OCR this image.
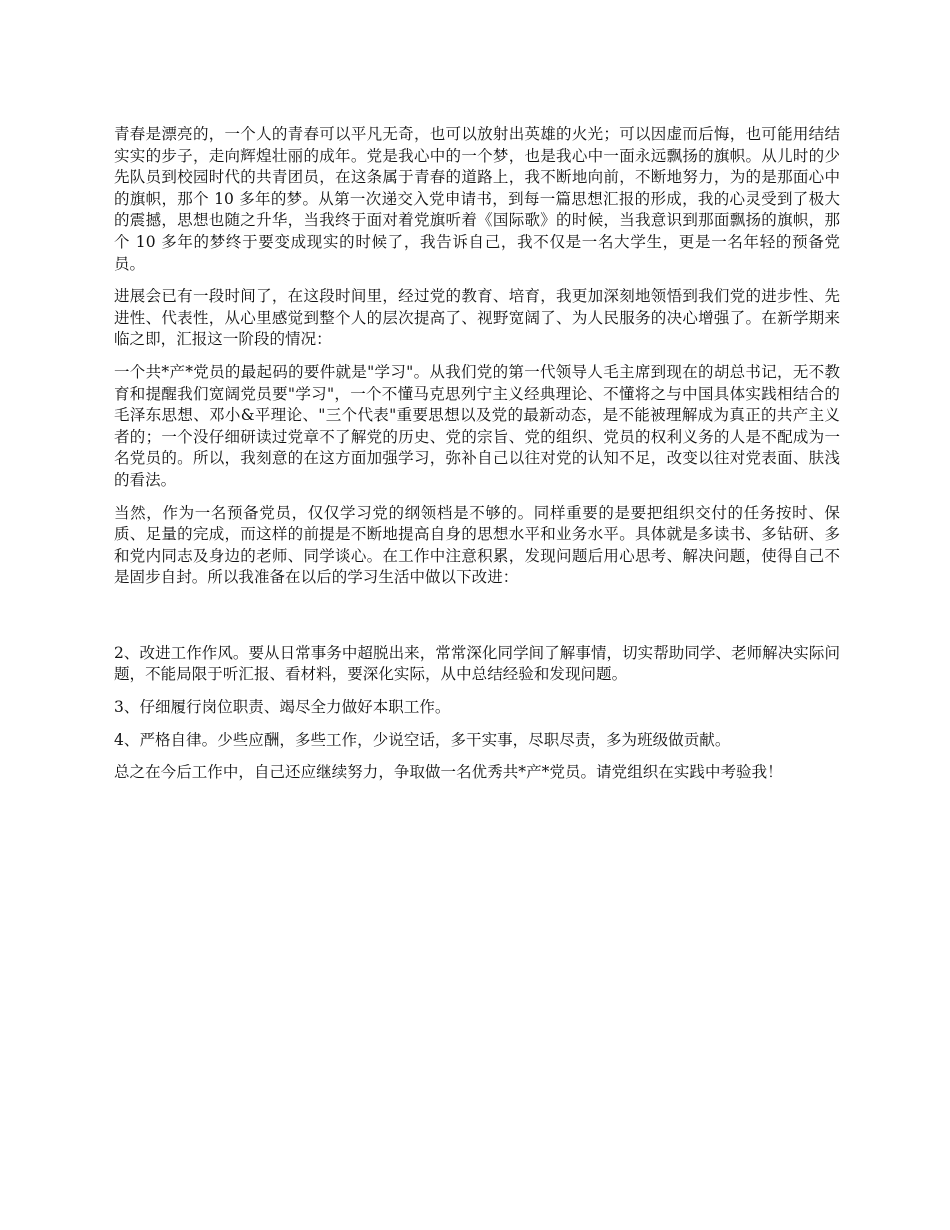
青春是漂亮的，一个人的青春可以平凡无奇，也可以放射出英雄的火光；可以因虚而后悔，也可能用结结实实的步子，走向辉煌壮丽的成年。党是我心中的一个梦，也是我心中一面永远飘扬的旗帜。从儿时的少先队员到校园时代的共青团员，在这条属于青春的道路上，我不断地向前，不断地努力，为的是那面心中的旗帜，那个 10 多年的梦。从第一次递交入党申请书，到每一篇思想汇报的形成，我的心灵受到了极大的震撼，思想也随之升华，当我终于面对着党旗听着《国际歌》的时候，当我意识到那面飘扬的旗帜，那个 10 多年的梦终于要变成现实的时候了，我告诉自己，我不仅是一名大学生，更是一名年轻的预备党员。

进展会已有一段时间了，在这段时间里，经过党的教育、培育，我更加深刻地领悟到我们党的进步性、先进性、代表性，从心里感觉到整个人的层次提高了、视野宽阔了、为人民服务的决心增强了。在新学期来临之即，汇报这一阶段的情况：

一个共*产*党员的最起码的要件就是"学习"。从我们党的第一代领导人毛主席到现在的胡总书记，无不教育和提醒我们宽阔党员要"学习"，一个不懂马克思列宁主义经典理论、不懂将之与中国具体实践相结合的毛泽东思想、邓小&平理论、"三个代表"重要思想以及党的最新动态，是不能被理解成为真正的共产主义者的；一个没仔细研读过党章不了解党的历史、党的宗旨、党的组织、党员的权利义务的人是不配成为一名党员的。所以，我刻意的在这方面加强学习，弥补自己以往对党的认知不足，改变以往对党表面、肤浅的看法。

当然，作为一名预备党员，仅仅学习党的纲领档是不够的。同样重要的是要把组织交付的任务按时、保质、足量的完成，而这样的前提是不断地提高自身的思想水平和业务水平。具体就是多读书、多钻研、多和党内同志及身边的老师、同学谈心。在工作中注意积累，发现问题后用心思考、解决问题，使得自己不是固步自封。所以我准备在以后的学习生活中做以下改进：

2、改进工作作风。要从日常事务中超脱出来，常常深化同学间了解事情，切实帮助同学、老师解决实际问题，不能局限于听汇报、看材料，要深化实际，从中总结经验和发现问题。

3、仔细履行岗位职责、竭尽全力做好本职工作。

4、严格自律。少些应酬，多些工作，少说空话，多干实事，尽职尽责，多为班级做贡献。

总之在今后工作中，自己还应继续努力，争取做一名优秀共*产*党员。请党组织在实践中考验我！
